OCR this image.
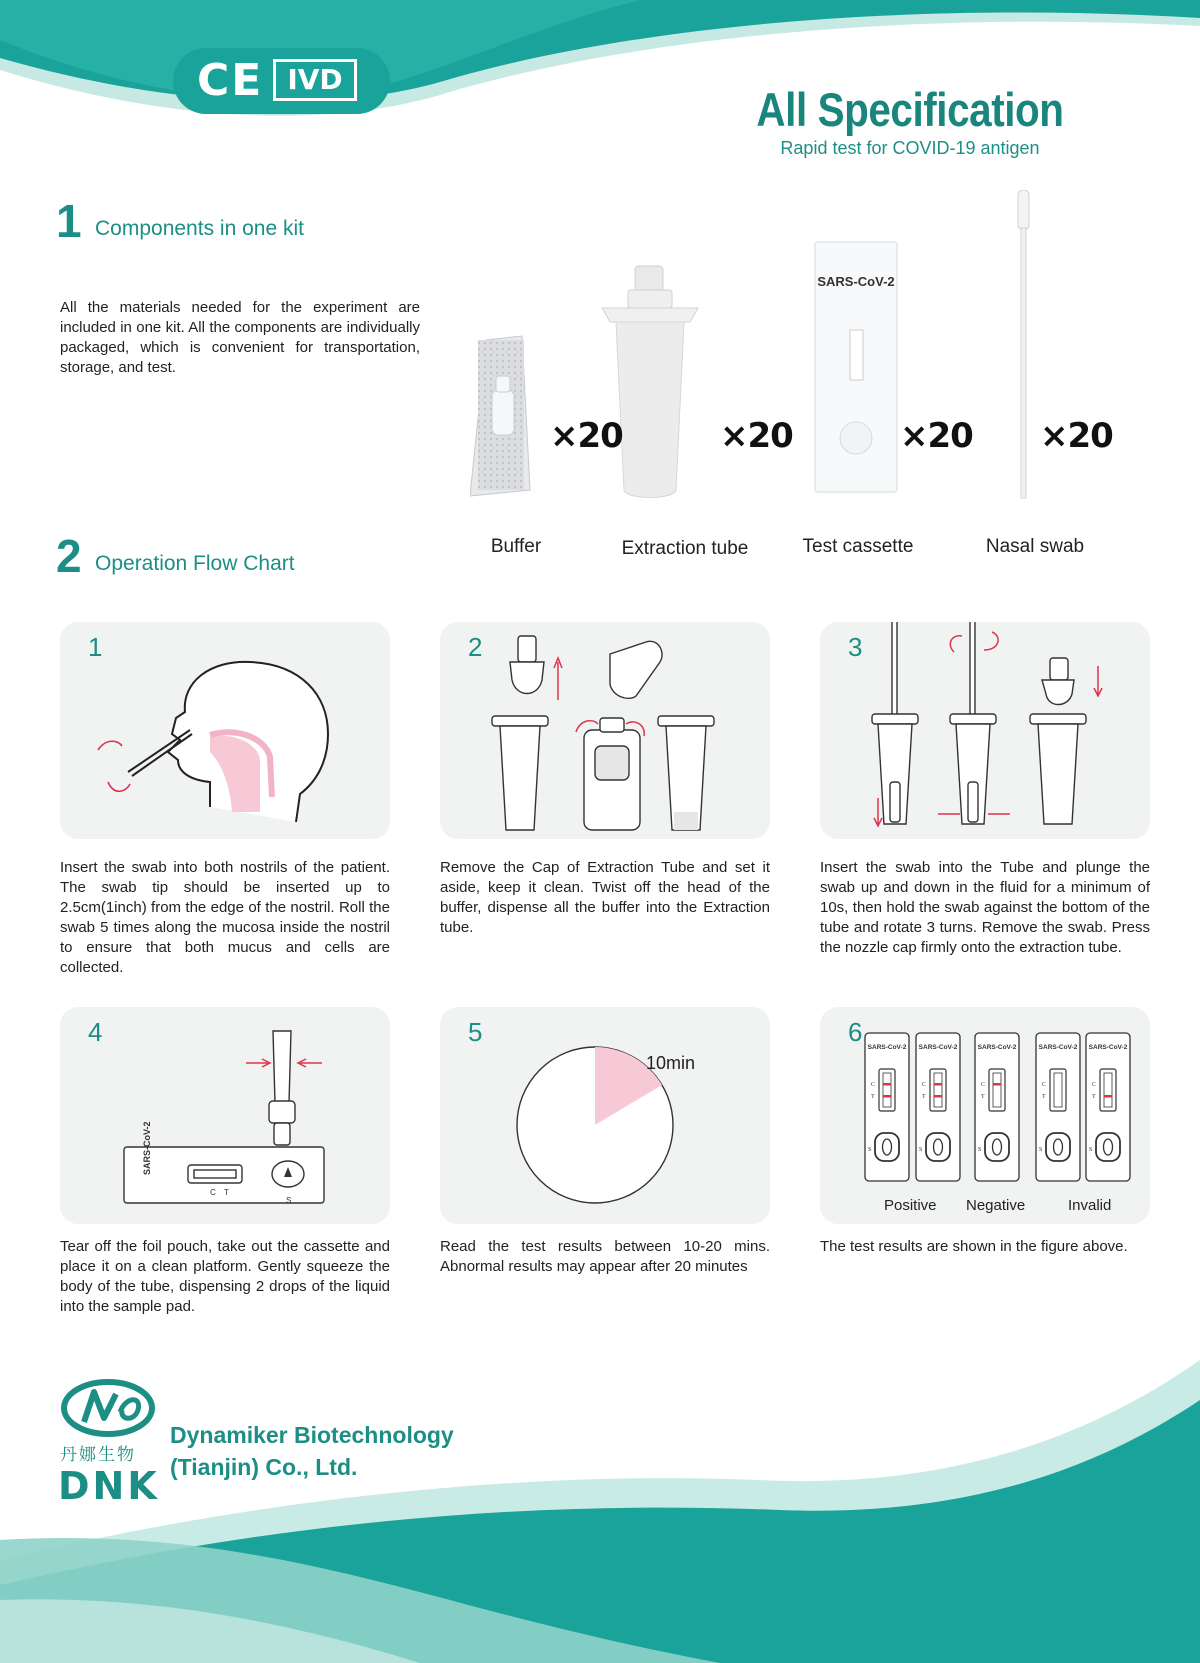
CE IVD
All Specification
Rapid test for COVID-19 antigen
1 Components in one kit
All the materials needed for the experiment are included in one kit. All the components are individually packaged, which is convenient for transportation, storage, and test.
SARS-CoV-2
×20	×20	×20 ×20
Buffer	Extraction tube	Test cassette	Nasal swab
2 Operation Flow Chart
1
Insert the swab into both nostrils of the patient. The swab tip should be inserted up to 2.5cm(1inch) from the edge of the nostril. Roll the swab 5 times along the mucosa inside the nostril to ensure that both mucus and cells are collected.
2
Remove the Cap of Extraction Tube and set it aside, keep it clean. Twist off the head of the buffer, dispense all the buffer into the Extraction tube.
3
Insert the swab into the Tube and plunge the swab up and down in the fluid for a minimum of 10s, then hold the swab against the bottom of the tube and rotate 3 turns. Remove the swab. Press the nozzle cap firmly onto the extraction tube.
4
SARS-CoV-2
C T
S
Tear off the foil pouch, take out the cassette and place it on a clean platform. Gently squeeze the body of the tube, dispensing 2 drops of the liquid into the sample pad.
5
10min
Read the test results between 10-20 mins. Abnormal results may appear after 20 minutes
6
SARS-CoV-2
C
T
S
SARS-CoV-2
C
T
S
SARS-CoV-2
C
T
S
SARS-CoV-2
C
T
S
SARS-CoV-2
C
T
S
Positive Negative	Invalid
The test results are shown in the figure above.
丹娜生物
DNK
Dynamiker Biotechnology
(Tianjin) Co., Ltd.
